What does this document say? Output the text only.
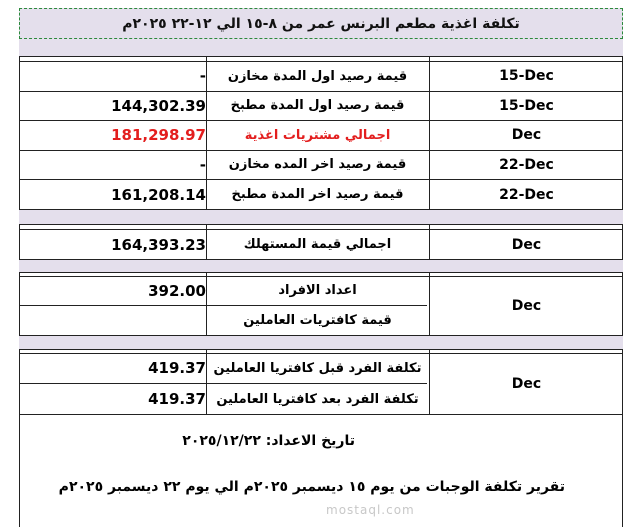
تكلفة اغذية مطعم البرنس عمر من ٨-١٥ الي ١٢-٢٢ ٢٠٢٥م
15-Dec
قيمة رصيد اول المدة مخازن
-
15-Dec
قيمة رصيد اول المدة مطبخ
144,302.39
Dec
اجمالي مشتريات اغذية
181,298.97
22-Dec
قيمة رصيد اخر المده مخازن
-
22-Dec
قيمة رصيد اخر المدة مطبخ
161,208.14
Dec
اجمالي قيمة المستهلك
164,393.23
Dec
اعداد الافراد
392.00
قيمة كافتريات العاملين
Dec
تكلفة الفرد قبل كافتريا العاملين
419.37
تكلفة الفرد بعد كافتريا العاملين
419.37
تاريخ الاعداد: ٢٠٢٥/١٢/٢٢
تقرير تكلفة الوجبات من يوم ١٥ ديسمبر ٢٠٢٥م الي يوم ٢٢ ديسمبر ٢٠٢٥م
mostaql.com
